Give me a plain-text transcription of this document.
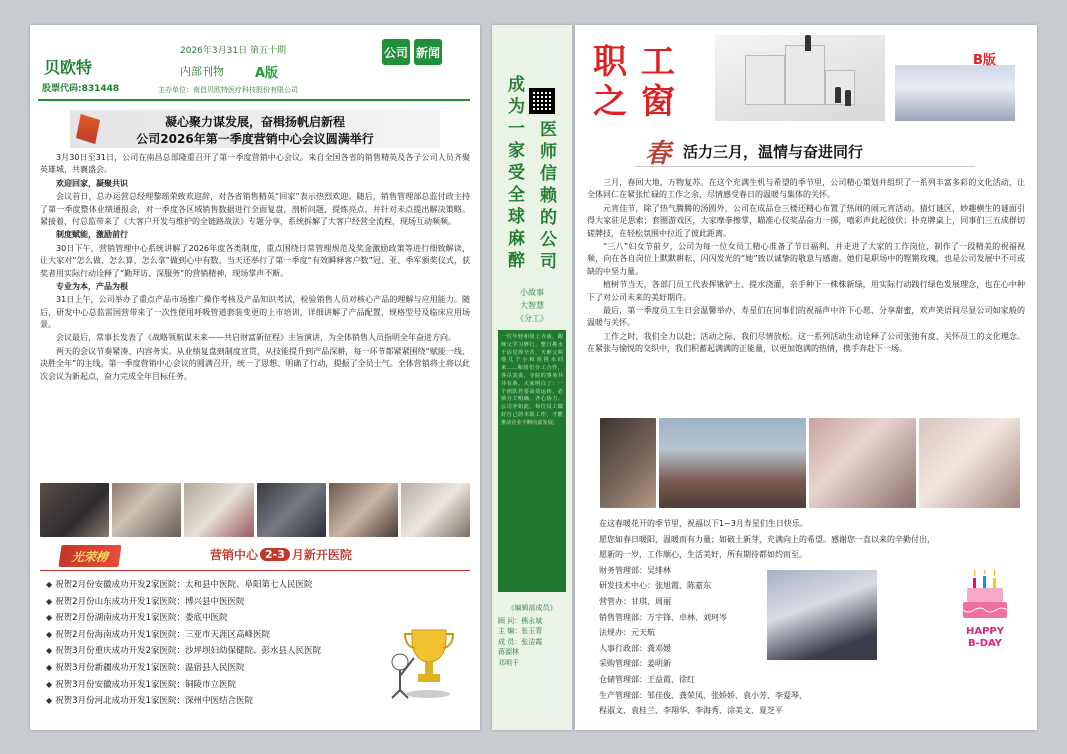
贝欧特
股票代码:831448
2026年3月31日 第五十期
内部刊物 A版
主办单位：南昌贝欧特医疗科技股份有限公司
公司 新闻
凝心聚力谋发展，奋楫扬帆启新程
公司2026年第一季度营销中心会议圆满举行

3月30日至31日，公司在南昌总部隆重召开了第一季度营销中心会议。来自全国各省的销售精英及各子公司人员齐聚英雄城，共襄盛会。

欢迎回家，凝聚共识

会议首日，总办运营总经理黎瑶荣致欢迎辞，对各省销售精英“回家”表示热烈欢迎。随后，销售管理部总监付政主持了第一季度整体业绩通报会，对一季度各区域销售数据进行全面复盘，剖析问题、提炼亮点，并针对未点提出解决策略。紧接着，付总监带来了《大客户开发与维护的全链路战法》专题分享，系统拆解了大客户经营全流程，现场互动频频。

制度赋能，激励前行

30日下午，营销管理中心系统讲解了2026年度各类制度，重点围绕日常管理规范及奖金激励政策等进行细致解读，让大家对“怎么做、怎么算、怎么拿”做到心中有数。当天还举行了第一季度“有效瞬释客户数”冠、亚、季军颁奖仪式，获奖者用实际行动诠释了“勤拜访、深服务”的营销精神，现场掌声不断。

专业为本，产品为根

31日上午，公司举办了重点产品市场推广操作考核及产品知识考试，检验销售人员对核心产品的理解与应用能力。随后，研发中心总监雷国营带来了一次性使用呼吸管道套装变更的上市培训，详细讲解了产品配置、规格型号及临床应用场景。

会议最后，常事长发表了《战略领航谋未来——共启财富新征程》主旨演讲，为全体销售人员指明全年奋进方向。

两天的会议节奏紧凑、内容务实。从业绩复盘到制度宣贯，从技能提升到产品深耕，每一环节都紧紧围绕“赋能一线、决胜全年”的主线。第一季度营销中心会议的圆满召开，统一了思想、明确了行动，提振了全员士气。全体营销将士将以此次会议为新起点，奋力完成全年目标任务。

光荣榜	营销中心 2-3 月新开医院
◆ 祝贺2月份安徽成功开发2家医院：太和县中医院、阜阳第七人民医院
◆ 祝贺2月份山东成功开发1家医院：博兴县中医医院
◆ 祝贺2月份湖南成功开发1家医院：娄底中医院
◆ 祝贺2月份海南成功开发1家医院：三亚市天涯区高峰医院
◆ 祝贺3月份重庆成功开发2家医院：沙坪坝妇幼保健院、彭水县人民医院
◆ 祝贺3月份新疆成功开发1家医院：温宿县人民医院
◆ 祝贺3月份安徽成功开发1家医院：铜陵市立医院
◆ 祝贺3月份河北成功开发1家医院：深州中医结合医院
成为一家受全球麻醉 医师信赖的公司
小故事
大智慧
《分工》
一位年轻和尚上寺庙，跟师父学习修行，整日挑水干活觉得辛苦，天师父叫他几个小和尚挑水回来……和尚们分工合作，各尽其责，寺院的事务井井有条。大家明白了：一个团队若要高效运转，必须分工明确、齐心协力。公司亦如此，每位员工做好自己的本职工作，才能推动企业不断向前发展。
《编辑部成员》
顾 问：熊永斌
主 编：张玉青
成 员：张洁霞
蒋源林
邓明千
职 工
之 窗
B版
春 活力三月，温情与奋进同行

三月，春回大地，万物复苏。在这个充满生机与希望的季节里，公司精心策划并组织了一系列丰富多彩的文化活动，让全体同仁在紧张忙碌的工作之余，尽情感受春日的温暖与集体的关怀。

元宵佳节，除了热气腾腾的汤圆外，公司在成品仓三楼还精心布置了热闹的闹元宵活动。猜灯谜区，妙趣横生的谜面引得大家驻足思索；套圈游戏区，大家摩拳擦掌，瞄准心仪奖品奋力一掷，嘻彩声此起彼伏；扑克牌桌上，同事们三五成群切磋牌技，在轻松氛围中拉近了彼此距离。

“三八”妇女节前夕，公司为每一位女员工精心准备了节日福利，并走进了大家的工作岗位，制作了一段精美的祝福视频，向在各自岗位上默默耕耘、闪闪发光的“她”致以诚挚的敬意与感谢。她们是职场中的铿锵玫瑰，也是公司发展中不可或缺的中坚力量。

植树节当天，各部门员工代表挥锹铲土、提水浇灌，亲手种下一株株新绿，用实际行动践行绿色发展理念，也在心中种下了对公司未来的美好期许。

最后，第一季度员工生日会温馨举办，寿星们在同事们的祝福声中许下心愿、分享甜蜜，欢声笑语间尽显公司如家般的温暖与关怀。

工作之时，我们全力以赴；活动之际，我们尽情放松。这一系列活动生动诠释了公司张弛有度、关怀员工的文化理念。在紧张与愉悦的交织中，我们积蓄起满满的正能量，以更加饱满的热情，携手奔赴下一场。

在这春暖花开的季节里，祝福以下1~3月寿星们生日快乐。
愿您如春日暖阳，温暖而有力量；如破土新芽，充满向上的希望。感谢您一直以来的辛勤付出，
愿新的一岁，工作顺心，生活美好，所有期待都如约而至。
财务管理部：吴绯林
研发技术中心：张旭霞、陈嘉东
营管办：甘琪、周丽
销售管理部：万宇锋、卓林、刘珂岑
法规办：元天航
人事行政部：龚邓媛
采购管理部：姜明新
仓储管理部：王益霞、徐红
生产管理部：邹佳俊、龚荣凤、张娇娇、袁小芳、李爱琴、
程淑文、袁桂兰、李翔华、李海秀、涂美文、夏芝平
HAPPY
B-DAY
